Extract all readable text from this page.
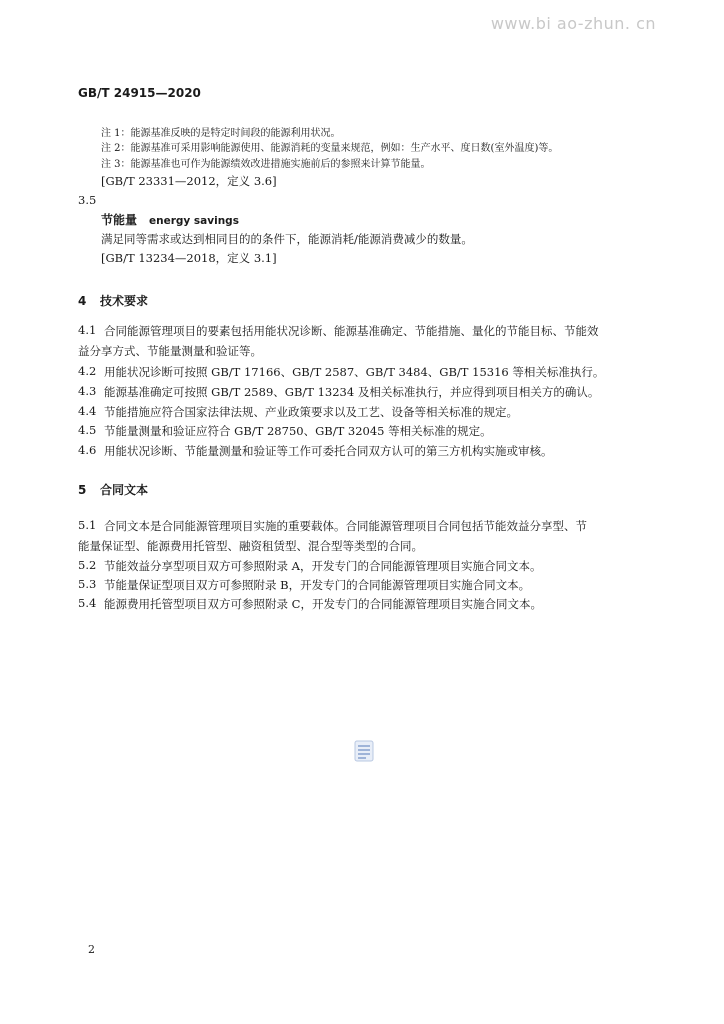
www.bi ao-zhun. cn
GB/T 24915—2020
注 1：能源基准反映的是特定时间段的能源利用状况。
注 2：能源基准可采用影响能源使用、能源消耗的变量来规范，例如：生产水平、度日数(室外温度)等。
注 3：能源基准也可作为能源绩效改进措施实施前后的参照来计算节能量。
[GB/T 23331—2012，定义 3.6]
3.5
节能量 energy savings
满足同等需求或达到相同目的的条件下，能源消耗/能源消费减少的数量。
[GB/T 13234—2018，定义 3.1]
4 技术要求
4.1 合同能源管理项目的要素包括用能状况诊断、能源基准确定、节能措施、量化的节能目标、节能效
益分享方式、节能量测量和验证等。
4.2 用能状况诊断可按照 GB/T 17166、GB/T 2587、GB/T 3484、GB/T 15316 等相关标准执行。
4.3 能源基准确定可按照 GB/T 2589、GB/T 13234 及相关标准执行，并应得到项目相关方的确认。
4.4 节能措施应符合国家法律法规、产业政策要求以及工艺、设备等相关标准的规定。
4.5 节能量测量和验证应符合 GB/T 28750、GB/T 32045 等相关标准的规定。
4.6 用能状况诊断、节能量测量和验证等工作可委托合同双方认可的第三方机构实施或审核。
5 合同文本
5.1 合同文本是合同能源管理项目实施的重要载体。合同能源管理项目合同包括节能效益分享型、节
能量保证型、能源费用托管型、融资租赁型、混合型等类型的合同。
5.2 节能效益分享型项目双方可参照附录 A，开发专门的合同能源管理项目实施合同文本。
5.3 节能量保证型项目双方可参照附录 B，开发专门的合同能源管理项目实施合同文本。
5.4 能源费用托管型项目双方可参照附录 C，开发专门的合同能源管理项目实施合同文本。
2
